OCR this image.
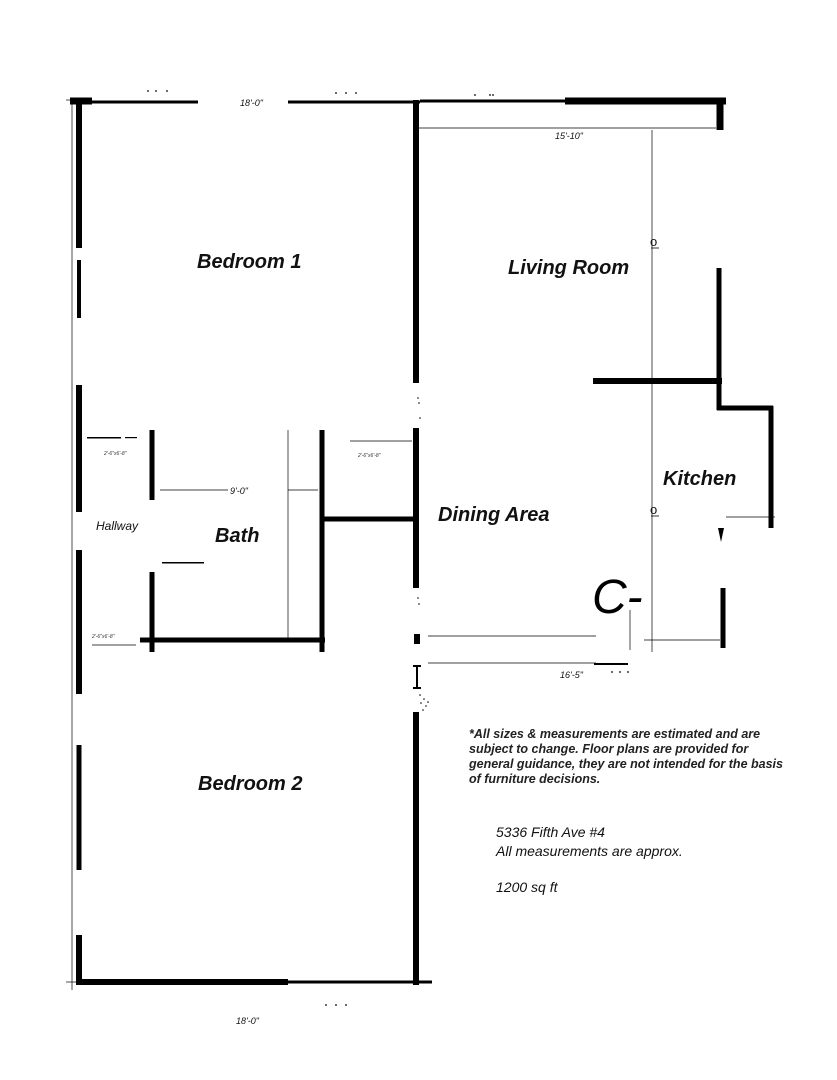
Bedroom 1	Living Room
Kitchen
Hallway	Bath
Dining Area
Bedroom 2
18'-0"
15'-10"
9'-0"
16'-5"
18'-0"
2'-6"x6'-8"	2'-6"x6'-8"
2'-6"x6'-8"
o
o
C-

*All sizes & measurements are estimated and are subject to change. Floor plans are provided for general guidance, they are not intended for the basis of furniture decisions.

5336 Fifth Ave #4

All measurements are approx.

1200 sq ft
